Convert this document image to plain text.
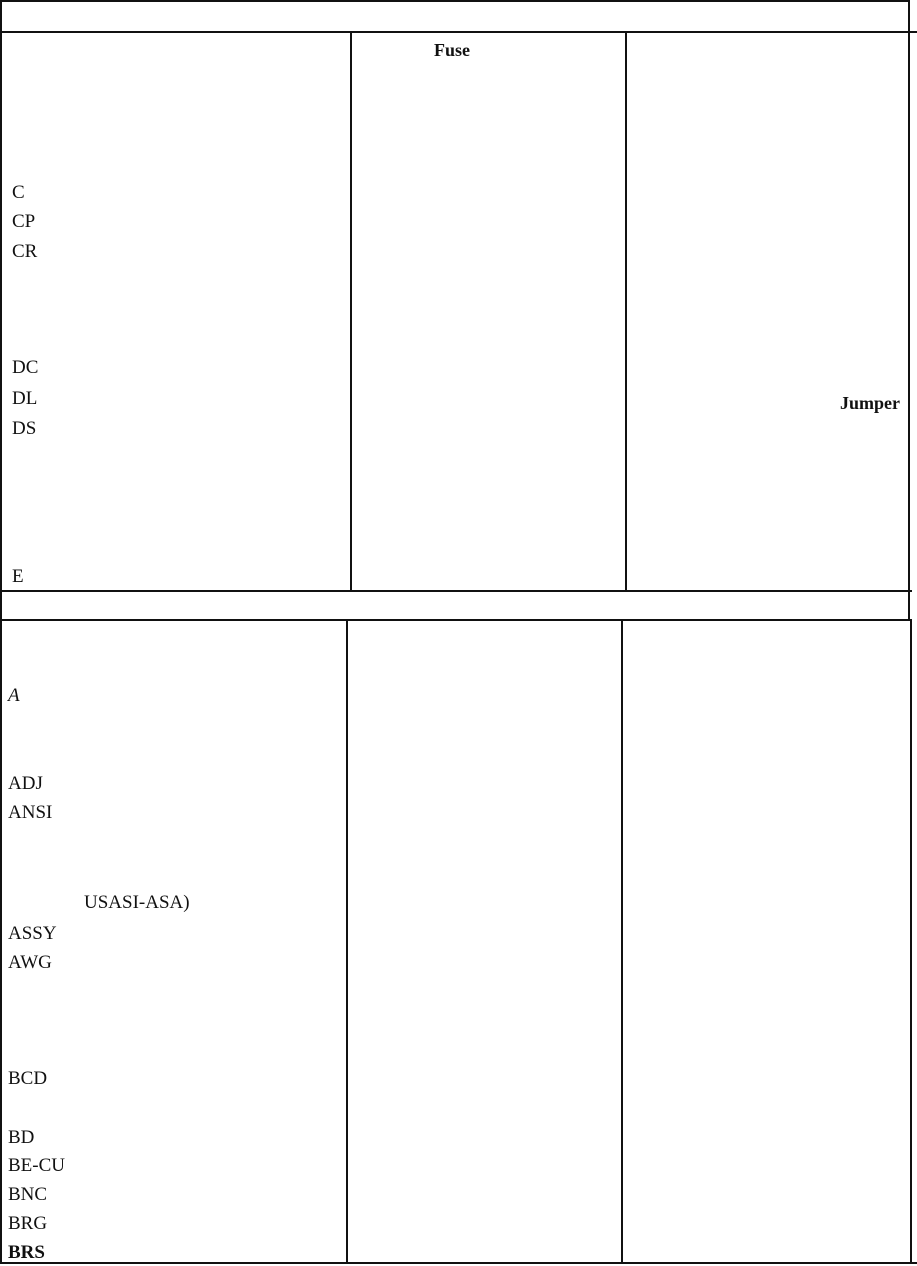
C
CP
CR
DC
DL
DS
E
Fuse
Jumper
A
ADJ
ANSI
USASI-ASA)
ASSY
AWG
BCD
BD
BE-CU
BNC
BRG
BRS
